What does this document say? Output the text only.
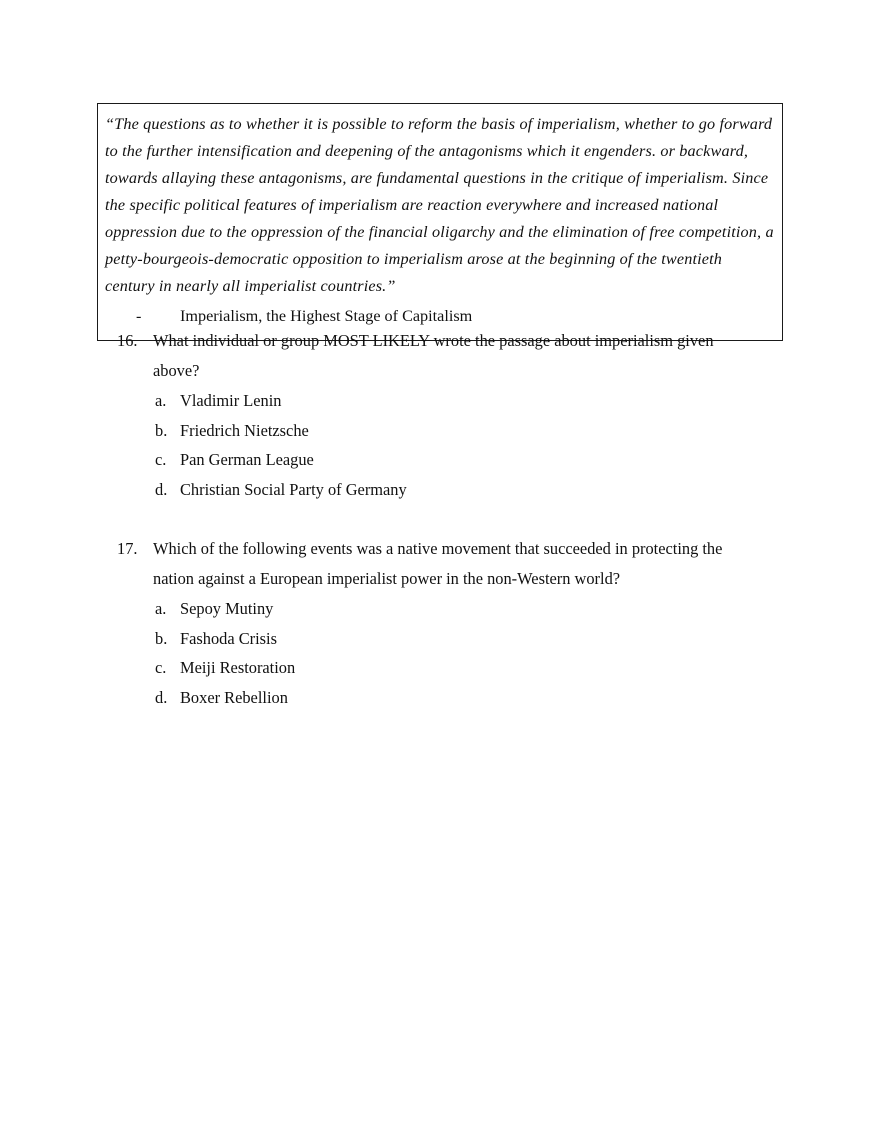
“The questions as to whether it is possible to reform the basis of imperialism, whether to go forward to the further intensification and deepening of the antagonisms which it engenders. or backward, towards allaying these antagonisms, are fundamental questions in the critique of imperialism. Since the specific political features of imperialism are reaction everywhere and increased national oppression due to the oppression of the financial oligarchy and the elimination of free competition, a petty-bourgeois-democratic opposition to imperialism arose at the beginning of the twentieth century in nearly all imperialist countries.”

-	Imperialism, the Highest Stage of Capitalism
16. What individual or group MOST LIKELY wrote the passage about imperialism given above?
a. Vladimir Lenin
b. Friedrich Nietzsche
c. Pan German League
d. Christian Social Party of Germany
17. Which of the following events was a native movement that succeeded in protecting the nation against a European imperialist power in the non-Western world?
a. Sepoy Mutiny
b. Fashoda Crisis
c. Meiji Restoration
d. Boxer Rebellion
